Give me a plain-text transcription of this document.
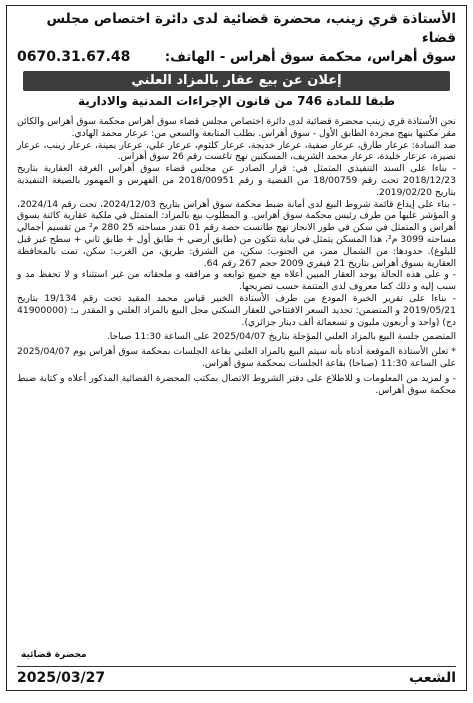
الأستاذة قري زينب، محضرة قضائية لدى دائرة اختصاص مجلس قضاء
سوق أهراس، محكمة سوق أهراس - الهاتف:
0670.31.67.48
إعلان عن بيع عقار بالمزاد العلني
طبقا للمادة 746 من قانون الإجراءات المدنية والادارية

نحن الأستاذة قري زينب محضرة قضائية لدى دائرة اختصاص مجلس قضاء سوق أهراس محكمة سوق أهراس والكائن مقر مكتبها بنهج مجردة الطابق الأول - سوق أهراس. بطلب المتابعة والسعي من: عرعار محمد الهادي.

ضد السادة: عرعار طارق، عرعار صفية، عرعار خديجة، عرعار كلثوم، عرعار علي، عرعار يمينة، عرعار زينب، عرعار نصيرة، عرعار خليدة، عرعار محمد الشريف، المسكنين نهج تاغست رقم 26 سوق أهراس.

- بناءا على السند التنفيذي المتمثل في: قرار الصادر عن مجلس قضاء سوق أهراس الغرفة العقارية بتاريخ 2018/12/23 تحت رقم 18/00759 من القضية و رقم 2018/00951 من الفهرس و المهمور بالصيغة التنفيذية بتاريخ 2019/02/20.

- بناء على إيداع قائمة شروط البيع لدى أمانة ضبط محكمة سوق أهراس بتاريخ 2024/12/03، تحت رقم 2024/14، و المؤشر عليها من طرف رئيس محكمة سوق أهراس. و المطلوب بيع بالمزاد: المتمثل في ملكية عقارية كائنة بسوق أهراس و المتمثل في سكن في طور الانجاز نهج طانست حصة رقم 01 تقدر مساحته 25 280 م² من تقسيم أجمالي مساحته 3099 م²، هذا المسكن يتمثل في بناية تتكون من (طابق أرضي + طابق أول + طابق ثاني + سطح غير قبل للبلوغ). حدودها: من الشمال ممر، من الجنوب: سكن، من الشرق: طريق، من الغرب: سكن، تمت بالمحافظة العقارية بسوق أهراس بتاريخ 21 فيفري 2009 حجم 267 رقم 64.

- و على هذه الحالة يوجد العقار المبين أعلاه مع جميع توابعه و مرافقه و ملحقاته من غير استثناء و لا تحفظ مد و سبب إليه و ذلك كما معروف لدى المتنمة حسب تصريحها.

- بناءا على تقرير الخبرة المودع من طرف الأستاذة الخبير قياس محمد المقيد تحت رقم 19/134 بتاريخ 2019/05/21 و المتضمن: تحديد السعر الافتتاحي للعقار السكني محل البيع بالمزاد العلني و المقدر بـ: (41900000 دج) (واحد و أربعون مليون و تسعمائة ألف دينار جزائري).

المتضمن جلسة البيع بالمزاد العلني المؤجلة بتاريخ 2025/04/07 على الساعة 11:30 صباحا.

* تعلن الأستاذة الموقعة أدناه بأنه سيتم البيع بالمزاد العلني بقاعة الجلسات بمحكمة سوق أهراس يوم 2025/04/07 على الساعة 11:30 (صباحا) بقاعة الجلسات بمحكمة سوق أهراس.

- و لمزيد من المعلومات و للاطلاع على دفتر الشروط الاتصال بمكتب المحضرة القضائية المذكور أعلاه و كتابة ضبط محكمة سوق أهراس.

محضرة قضائية
الشعب
2025/03/27
